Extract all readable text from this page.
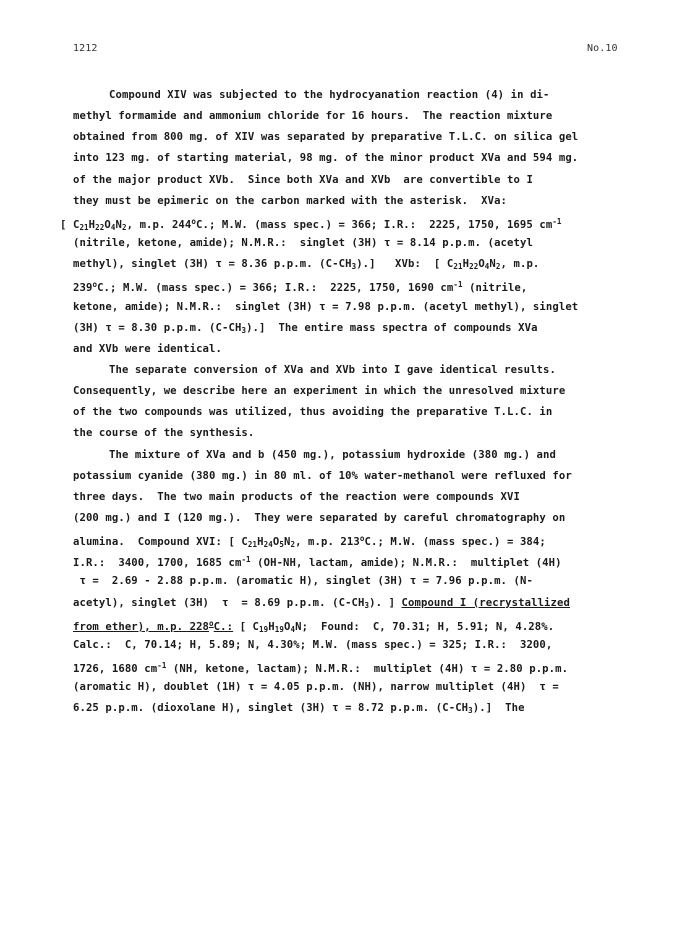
1212	No.10
Compound XIV was subjected to the hydrocyanation reaction (4) in di-
methyl formamide and ammonium chloride for 16 hours.  The reaction mixture
obtained from 800 mg. of XIV was separated by preparative T.L.C. on silica gel
into 123 mg. of starting material, 98 mg. of the minor product XVa and 594 mg.
of the major product XVb.  Since both XVa and XVb  are convertible to I
they must be epimeric on the carbon marked with the asterisk.  XVa:
[ $C_{21}H_{22}O_4N_2$, m.p. 244$^o$C.; M.W. (mass spec.) = 366; I.R.:  2225, 1750, 1695 $cm^{-1}$
(nitrile, ketone, amide); N.M.R.:  singlet (3H) τ = 8.14 p.p.m. (acetyl
methyl), singlet (3H) τ = 8.36 p.p.m. $(C-CH_3)$.]   XVb:  [ $C_{21}H_{22}O_4N_2$, m.p.
239$^o$C.; M.W. (mass spec.) = 366; I.R.:  2225, 1750, 1690 $cm^{-1}$ (nitrile,
ketone, amide); N.M.R.:  singlet (3H) τ = 7.98 p.p.m. (acetyl methyl), singlet
(3H) τ = 8.30 p.p.m. $(C-CH_3)$.]  The entire mass spectra of compounds XVa
and XVb were identical.
The separate conversion of XVa and XVb into I gave identical results.
Consequently, we describe here an experiment in which the unresolved mixture
of the two compounds was utilized, thus avoiding the preparative T.L.C. in
the course of the synthesis.
The mixture of XVa and b (450 mg.), potassium hydroxide (380 mg.) and
potassium cyanide (380 mg.) in 80 ml. of 10% water-methanol were refluxed for
three days.  The two main products of the reaction were compounds XVI
(200 mg.) and I (120 mg.).  They were separated by careful chromatography on
alumina.  Compound XVI: [ $C_{21}H_{24}O_5N_2$, m.p. 213$^o$C.; M.W. (mass spec.) = 384;
I.R.:  3400, 1700, 1685 $cm^{-1}$ (OH-NH, lactam, amide); N.M.R.:  multiplet (4H)
τ =  2.69 - 2.88 p.p.m. (aromatic H), singlet (3H) τ = 7.96 p.p.m. (N-
acetyl), singlet (3H)  τ  = 8.69 p.p.m. $(C-CH_3)$. ] Compound I (recrystallized
from ether), m.p. 228$^o$C.: [ $C_{19}H_{19}O_4N$;  Found:  C, 70.31; H, 5.91; N, 4.28%.
Calc.:  C, 70.14; H, 5.89; N, 4.30%; M.W. (mass spec.) = 325; I.R.:  3200,
1726, 1680 $cm^{-1}$ (NH, ketone, lactam); N.M.R.:  multiplet (4H) τ = 2.80 p.p.m.
(aromatic H), doublet (1H) τ = 4.05 p.p.m. (NH), narrow multiplet (4H)  τ =
6.25 p.p.m. (dioxolane H), singlet (3H) τ = 8.72 p.p.m. $(C-CH_3)$.]  The
